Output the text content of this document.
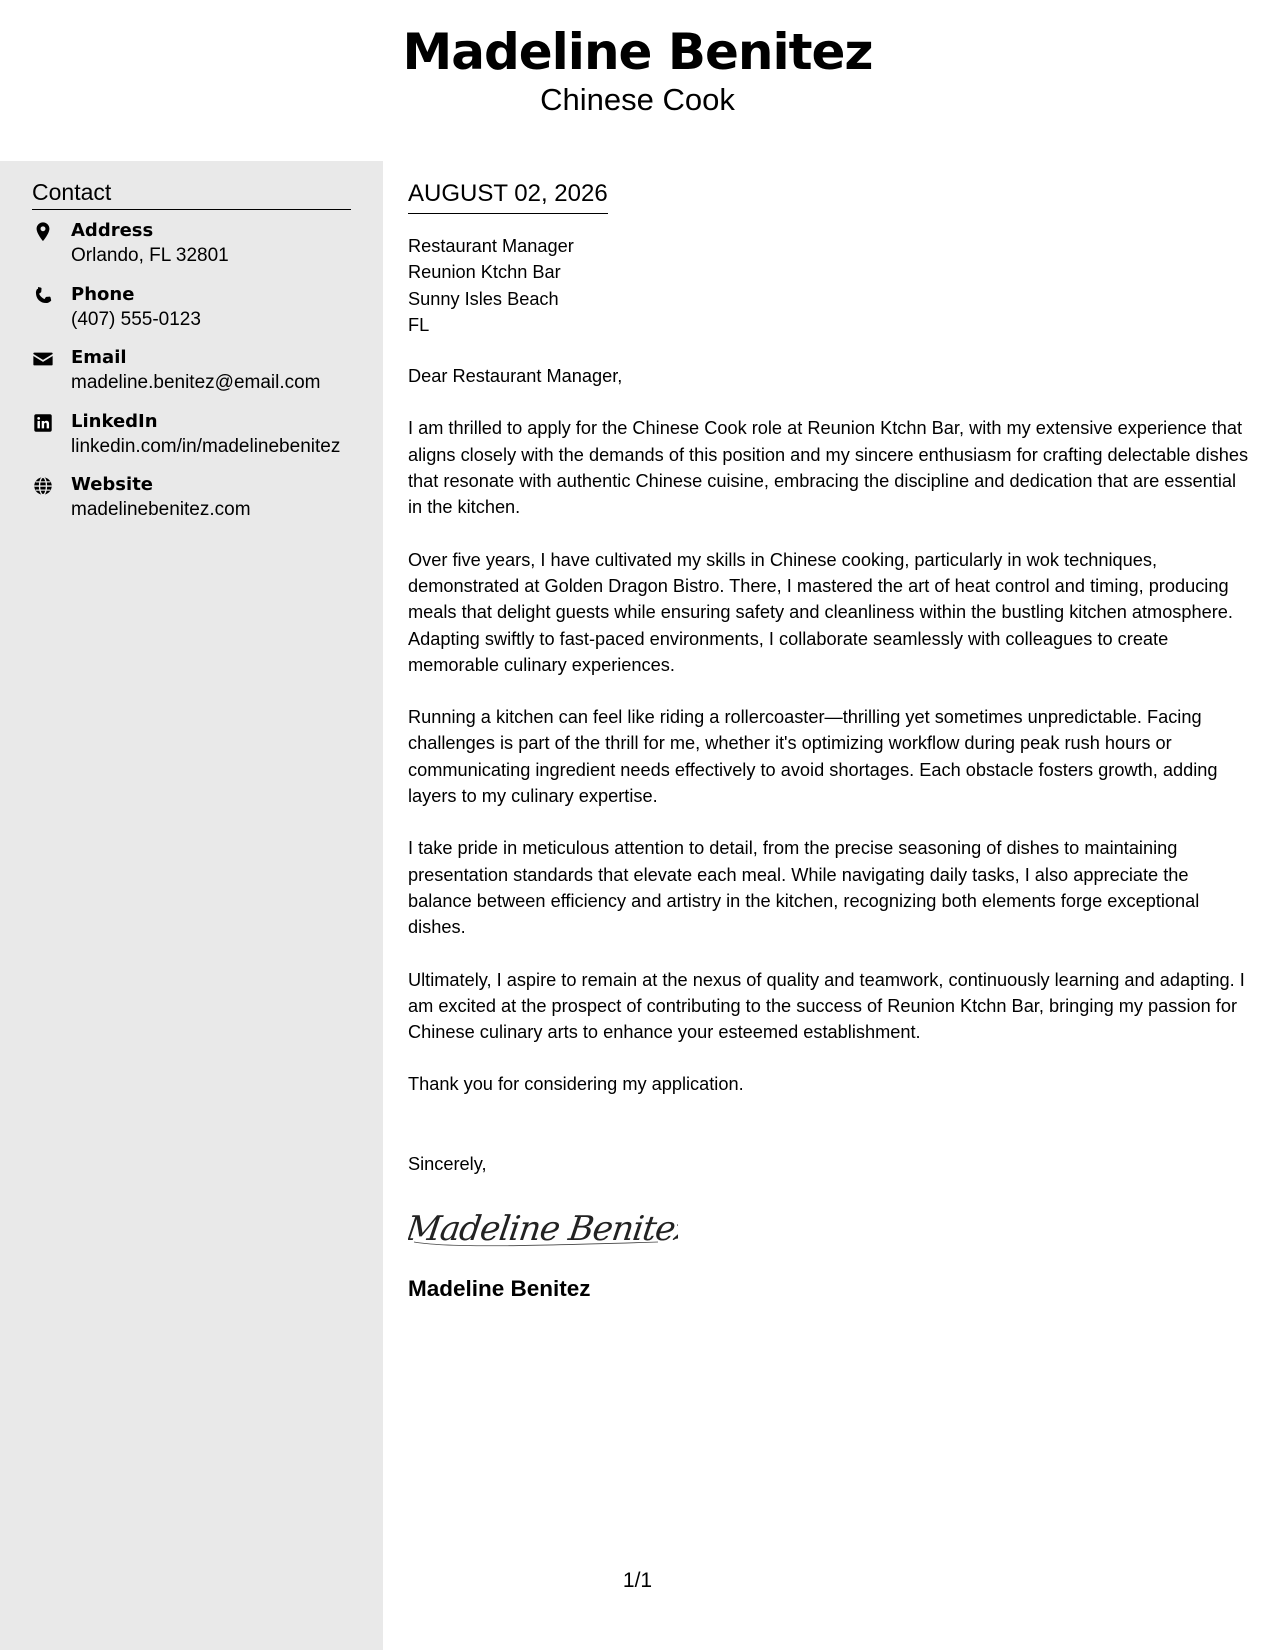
Madeline Benitez
Chinese Cook
Contact
Address
Orlando, FL 32801
Phone
(407) 555-0123
Email
madeline.benitez@email.com
LinkedIn
linkedin.com/in/madelinebenitez
Website
madelinebenitez.com
AUGUST 02, 2026
Restaurant Manager
Reunion Ktchn Bar
Sunny Isles Beach
FL
Dear Restaurant Manager,
I am thrilled to apply for the Chinese Cook role at Reunion Ktchn Bar, with my extensive experience that aligns closely with the demands of this position and my sincere enthusiasm for crafting delectable dishes that resonate with authentic Chinese cuisine, embracing the discipline and dedication that are essential in the kitchen.
Over five years, I have cultivated my skills in Chinese cooking, particularly in wok techniques, demonstrated at Golden Dragon Bistro. There, I mastered the art of heat control and timing, producing meals that delight guests while ensuring safety and cleanliness within the bustling kitchen atmosphere. Adapting swiftly to fast-paced environments, I collaborate seamlessly with colleagues to create memorable culinary experiences.
Running a kitchen can feel like riding a rollercoaster—thrilling yet sometimes unpredictable. Facing challenges is part of the thrill for me, whether it's optimizing workflow during peak rush hours or communicating ingredient needs effectively to avoid shortages. Each obstacle fosters growth, adding layers to my culinary expertise.
I take pride in meticulous attention to detail, from the precise seasoning of dishes to maintaining presentation standards that elevate each meal. While navigating daily tasks, I also appreciate the balance between efficiency and artistry in the kitchen, recognizing both elements forge exceptional dishes.
Ultimately, I aspire to remain at the nexus of quality and teamwork, continuously learning and adapting. I am excited at the prospect of contributing to the success of Reunion Ktchn Bar, bringing my passion for Chinese culinary arts to enhance your esteemed establishment.
Thank you for considering my application.
Sincerely,
Madeline Benitez
Madeline Benitez
1/1
